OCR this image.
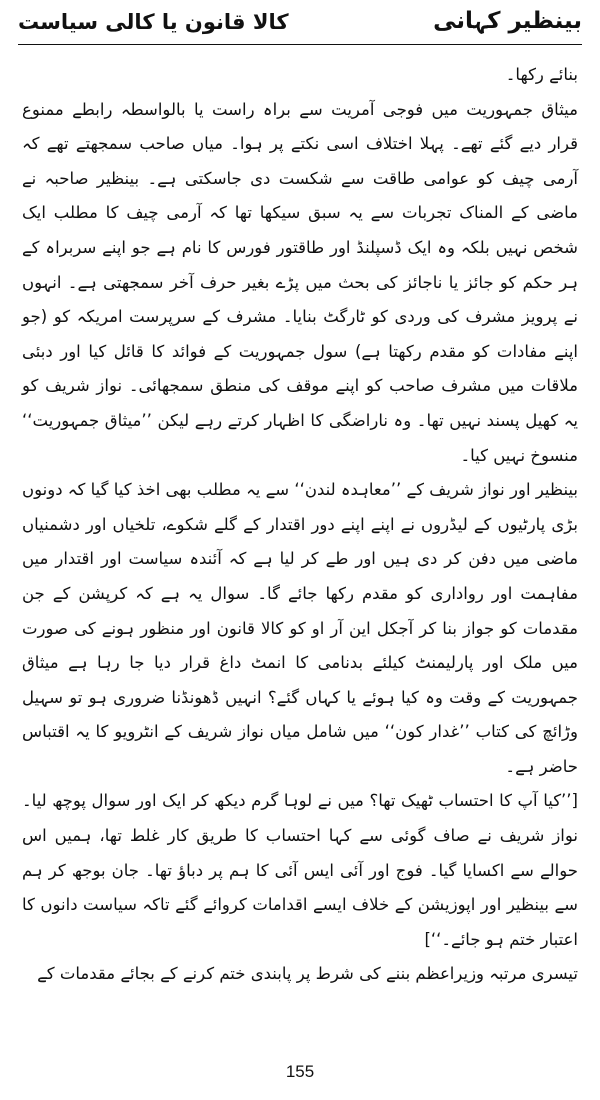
بینظیر کہانی
کالا قانون یا کالی سیاست

بنائے رکھا۔

میثاق جمہوریت میں فوجی آمریت سے براہ راست یا بالواسطہ رابطے ممنوع قرار دیے گئے تھے۔ پہلا اختلاف اسی نکتے پر ہوا۔ میاں صاحب سمجھتے تھے کہ آرمی چیف کو عوامی طاقت سے شکست دی جاسکتی ہے۔ بینظیر صاحبہ نے ماضی کے المناک تجربات سے یہ سبق سیکھا تھا کہ آرمی چیف کا مطلب ایک شخص نہیں بلکہ وہ ایک ڈسپلنڈ اور طاقتور فورس کا نام ہے جو اپنے سربراہ کے ہر حکم کو جائز یا ناجائز کی بحث میں پڑے بغیر حرف آخر سمجھتی ہے۔ انہوں نے پرویز مشرف کی وردی کو ٹارگٹ بنایا۔ مشرف کے سرپرست امریکہ کو (جو اپنے مفادات کو مقدم رکھتا ہے) سول جمہوریت کے فوائد کا قائل کیا اور دبئی ملاقات میں مشرف صاحب کو اپنے موقف کی منطق سمجھائی۔ نواز شریف کو یہ کھیل پسند نہیں تھا۔ وہ ناراضگی کا اظہار کرتے رہے لیکن ’’میثاق جمہوریت‘‘ منسوخ نہیں کیا۔

بینظیر اور نواز شریف کے ’’معاہدہ لندن‘‘ سے یہ مطلب بھی اخذ کیا گیا کہ دونوں بڑی پارٹیوں کے لیڈروں نے اپنے اپنے دور اقتدار کے گلے شکوے، تلخیاں اور دشمنیاں ماضی میں دفن کر دی ہیں اور طے کر لیا ہے کہ آئندہ سیاست اور اقتدار میں مفاہمت اور رواداری کو مقدم رکھا جائے گا۔ سوال یہ ہے کہ کرپشن کے جن مقدمات کو جواز بنا کر آجکل این آر او کو کالا قانون اور منظور ہونے کی صورت میں ملک اور پارلیمنٹ کیلئے بدنامی کا انمٹ داغ قرار دیا جا رہا ہے میثاق جمہوریت کے وقت وہ کیا ہوئے یا کہاں گئے؟ انہیں ڈھونڈنا ضروری ہو تو سہیل وڑائچ کی کتاب ’’غدار کون‘‘ میں شامل میاں نواز شریف کے انٹرویو کا یہ اقتباس حاضر ہے۔

[’’کیا آپ کا احتساب ٹھیک تھا؟ میں نے لوہا گرم دیکھ کر ایک اور سوال پوچھ لیا۔ نواز شریف نے صاف گوئی سے کہا احتساب کا طریق کار غلط تھا، ہمیں اس حوالے سے اکسایا گیا۔ فوج اور آئی ایس آئی کا ہم پر دباؤ تھا۔ جان بوجھ کر ہم سے بینظیر اور اپوزیشن کے خلاف ایسے اقدامات کروائے گئے تاکہ سیاست دانوں کا اعتبار ختم ہو جائے۔‘‘]

تیسری مرتبہ وزیراعظم بننے کی شرط پر پابندی ختم کرنے کے بجائے مقدمات کے

155
